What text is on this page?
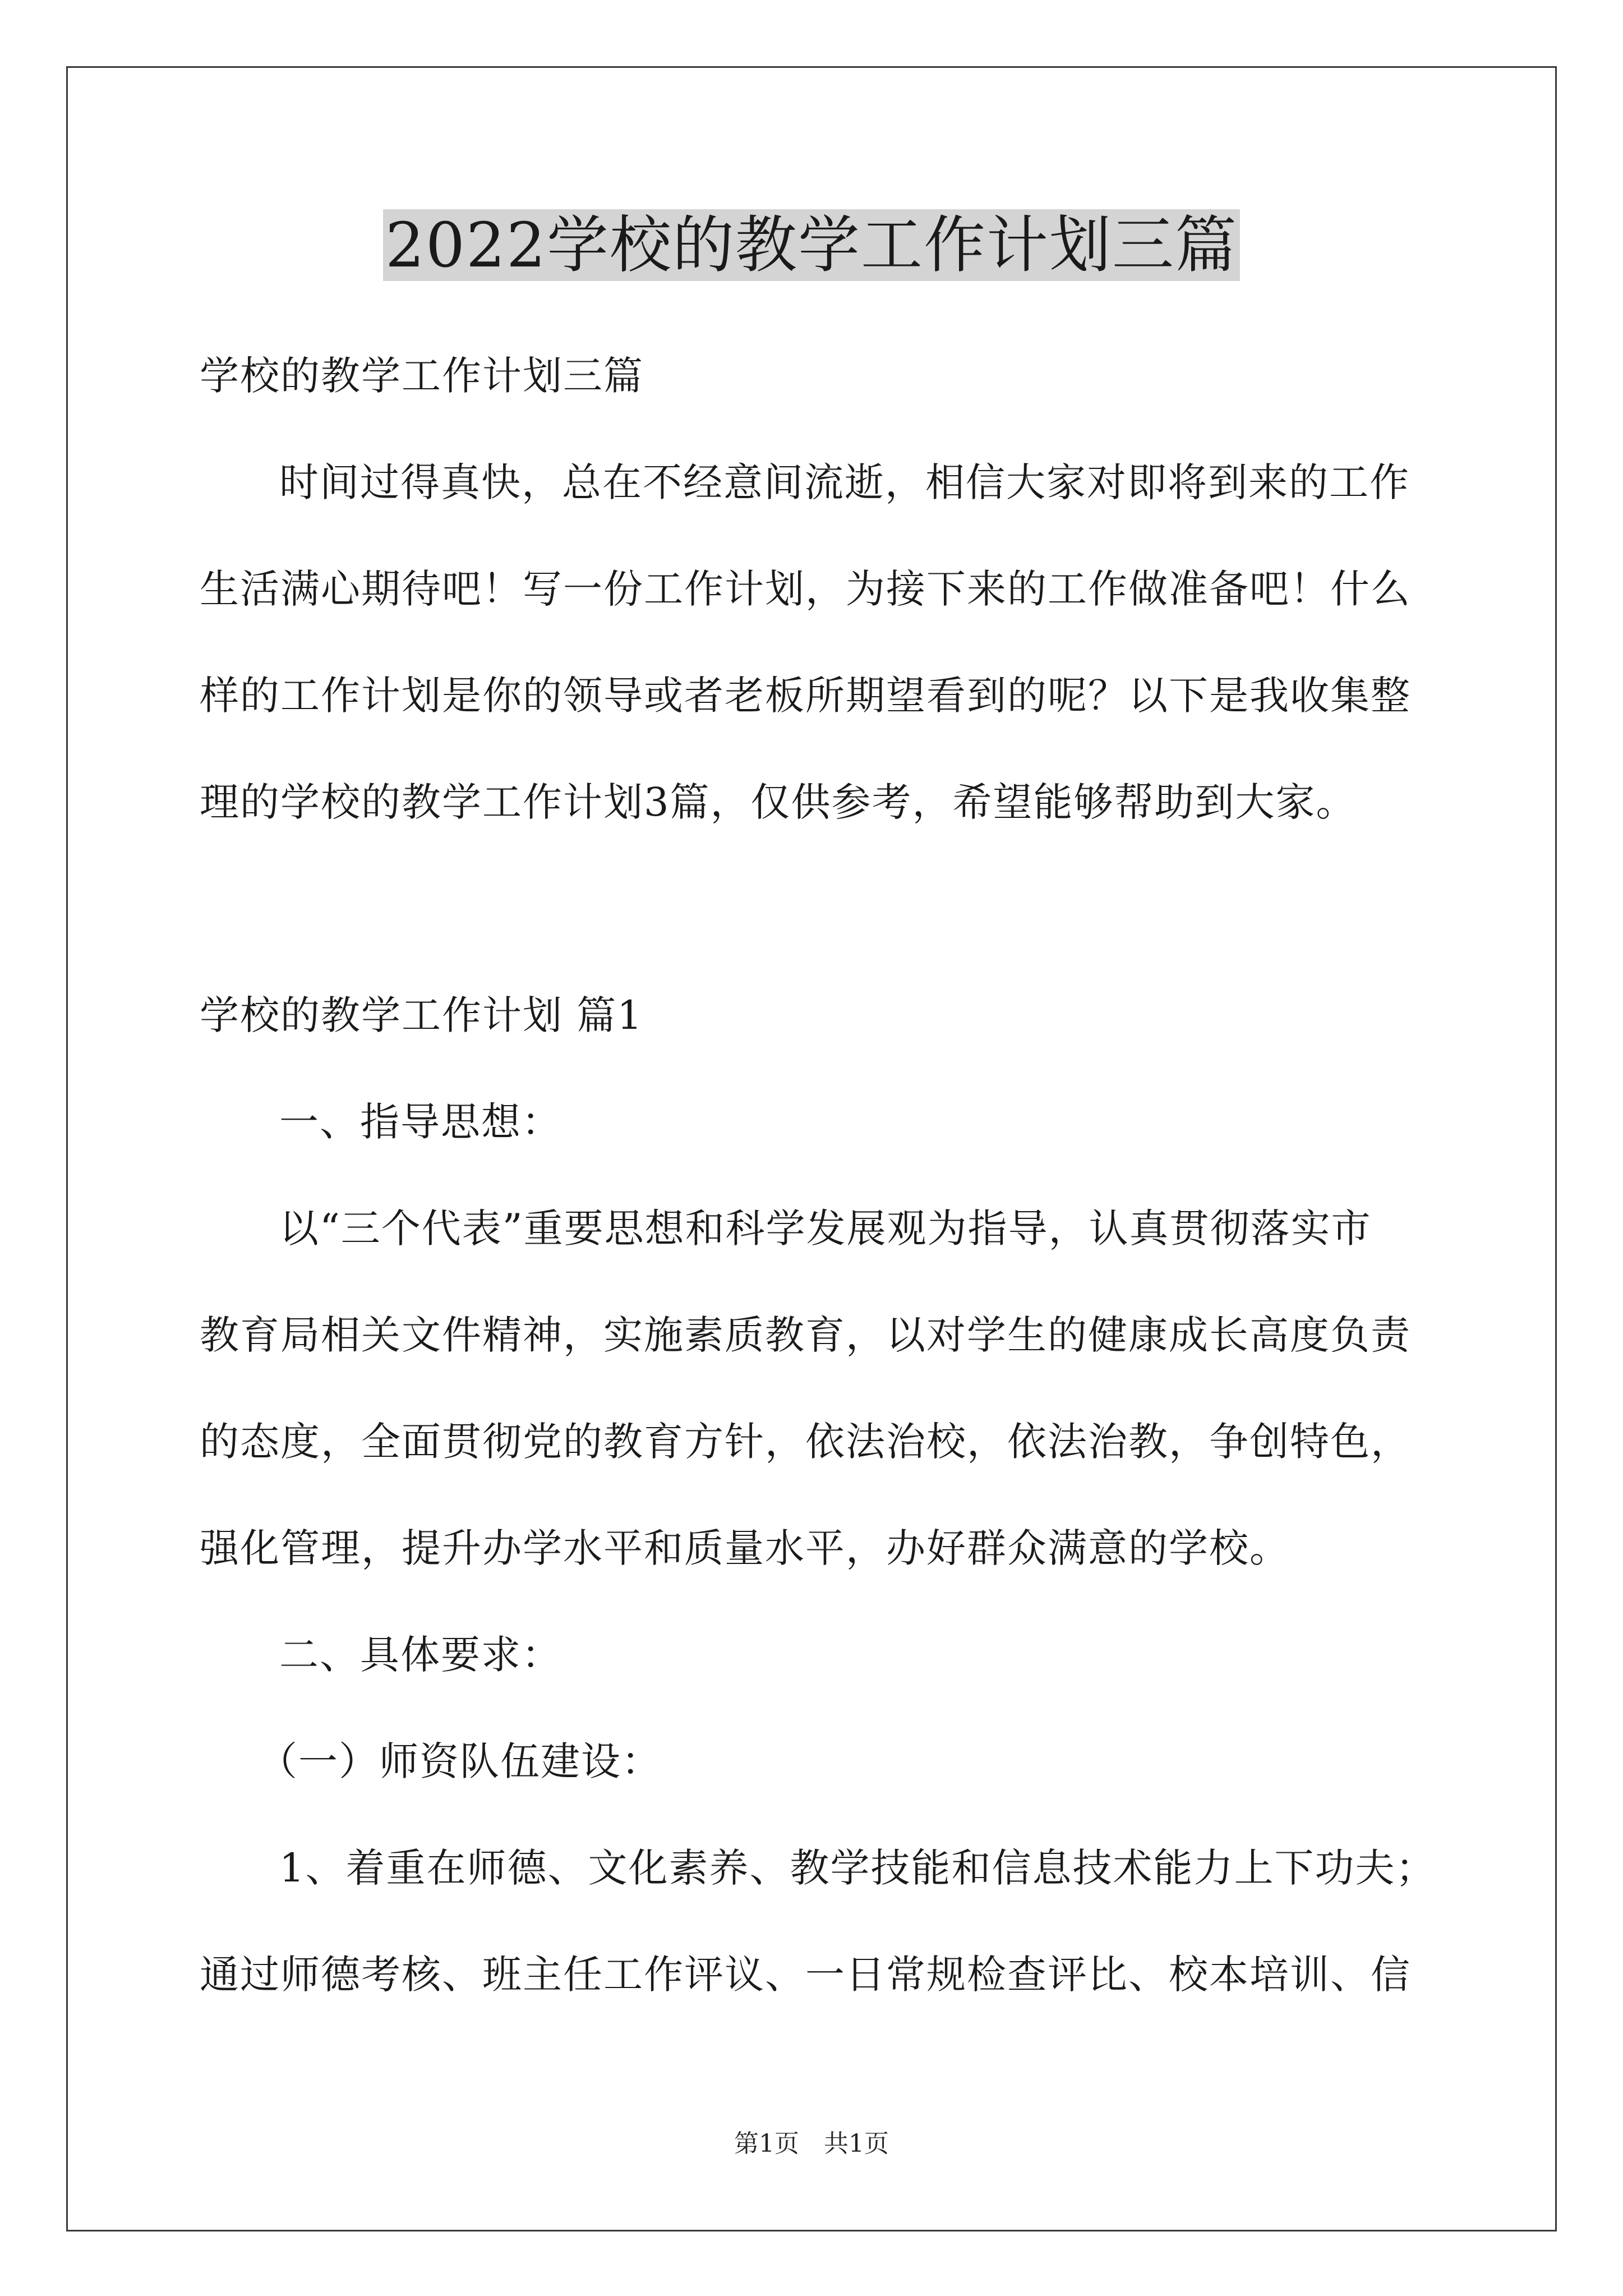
2022学校的教学工作计划三篇
学校的教学工作计划三篇
时间过得真快，总在不经意间流逝，相信大家对即将到来的工作
生活满心期待吧！写一份工作计划，为接下来的工作做准备吧！什么
样的工作计划是你的领导或者老板所期望看到的呢？以下是我收集整
理的学校的教学工作计划3篇，仅供参考，希望能够帮助到大家。
学校的教学工作计划 篇1
一、指导思想：
以“三个代表”重要思想和科学发展观为指导，认真贯彻落实市
教育局相关文件精神，实施素质教育，以对学生的健康成长高度负责
的态度，全面贯彻党的教育方针，依法治校，依法治教，争创特色，
强化管理，提升办学水平和质量水平，办好群众满意的学校。
二、具体要求：
（一）师资队伍建设：
1、着重在师德、文化素养、教学技能和信息技术能力上下功夫；
通过师德考核、班主任工作评议、一日常规检查评比、校本培训、信
第1页　共1页
